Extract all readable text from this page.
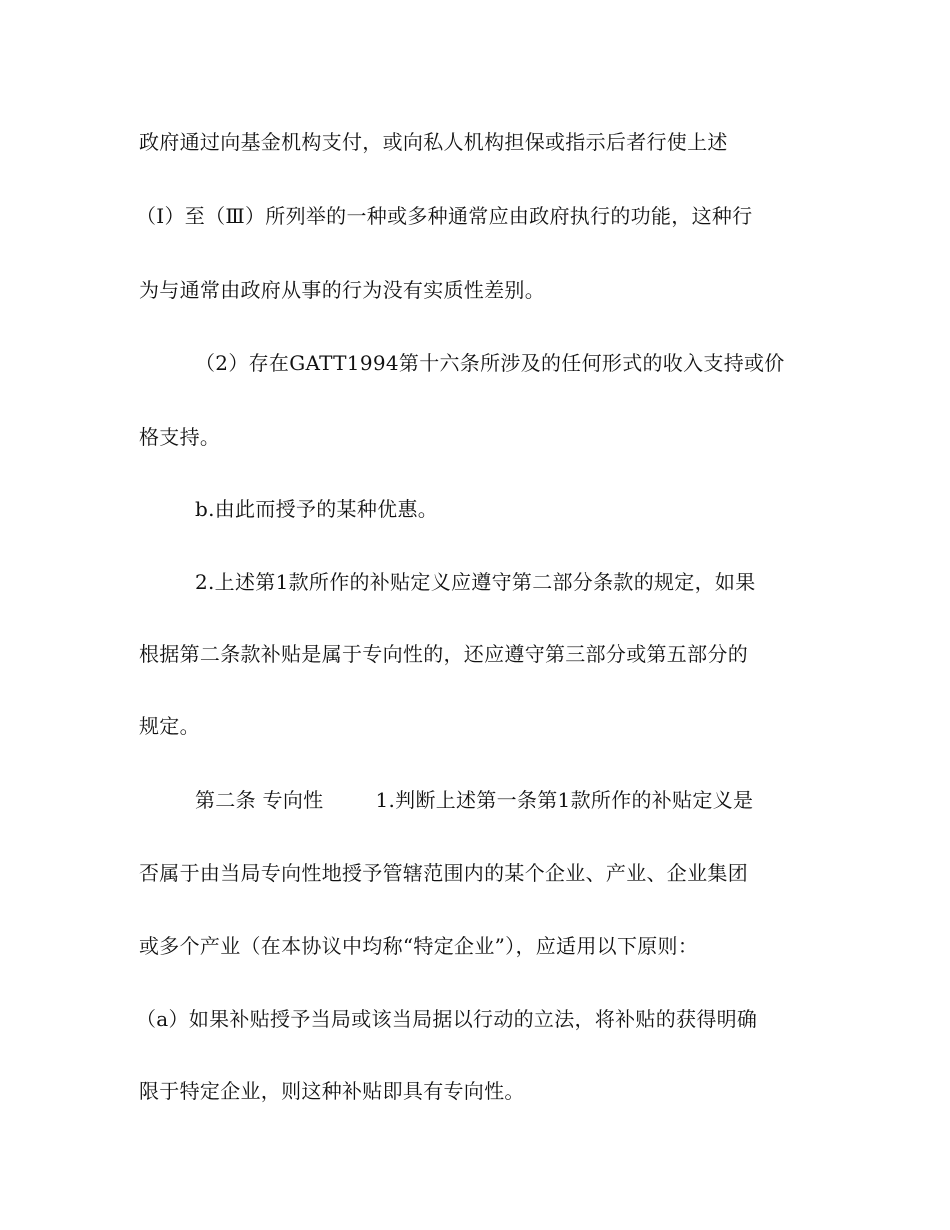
政府通过向基金机构支付，或向私人机构担保或指示后者行使上述
（I）至（Ⅲ）所列举的一种或多种通常应由政府执行的功能，这种行
为与通常由政府从事的行为没有实质性差别。
（2）存在GATT1994第十六条所涉及的任何形式的收入支持或价
格支持。
b.由此而授予的某种优惠。
2.上述第1款所作的补贴定义应遵守第二部分条款的规定，如果
根据第二条款补贴是属于专向性的，还应遵守第三部分或第五部分的
规定。
第二条 专向性	1.判断上述第一条第1款所作的补贴定义是
否属于由当局专向性地授予管辖范围内的某个企业、产业、企业集团
或多个产业（在本协议中均称“特定企业”），应适用以下原则：
（a）如果补贴授予当局或该当局据以行动的立法，将补贴的获得明确
限于特定企业，则这种补贴即具有专向性。
